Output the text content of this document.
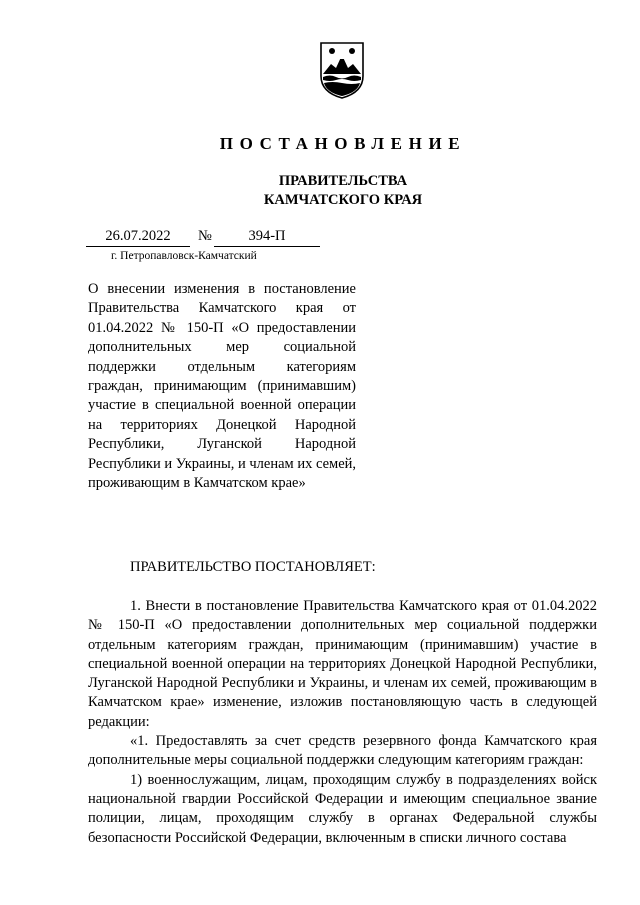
ПОСТАНОВЛЕНИЕ
ПРАВИТЕЛЬСТВА
КАМЧАТСКОГО КРАЯ
26.07.2022	№	394-П
г. Петропавловск-Камчатский
О внесении изменения в постановление Правительства Камчатского края от 01.04.2022 № 150-П «О предоставлении дополнительных мер социальной поддержки отдельным категориям граждан, принимающим (принимавшим) участие в специальной военной операции на территориях Донецкой Народной Республики, Луганской Народной Республики и Украины, и членам их семей, проживающим в Камчатском крае»
ПРАВИТЕЛЬСТВО ПОСТАНОВЛЯЕТ:

1. Внести в постановление Правительства Камчатского края от 01.04.2022 № 150-П «О предоставлении дополнительных мер социальной поддержки отдельным категориям граждан, принимающим (принимавшим) участие в специальной военной операции на территориях Донецкой Народной Республики, Луганской Народной Республики и Украины, и членам их семей, проживающим в Камчатском крае» изменение, изложив постановляющую часть в следующей редакции:

«1. Предоставлять за счет средств резервного фонда Камчатского края дополнительные меры социальной поддержки следующим категориям граждан:

1) военнослужащим, лицам, проходящим службу в подразделениях войск национальной гвардии Российской Федерации и имеющим специальное звание полиции, лицам, проходящим службу в органах Федеральной службы безопасности Российской Федерации, включенным в списки личного состава
